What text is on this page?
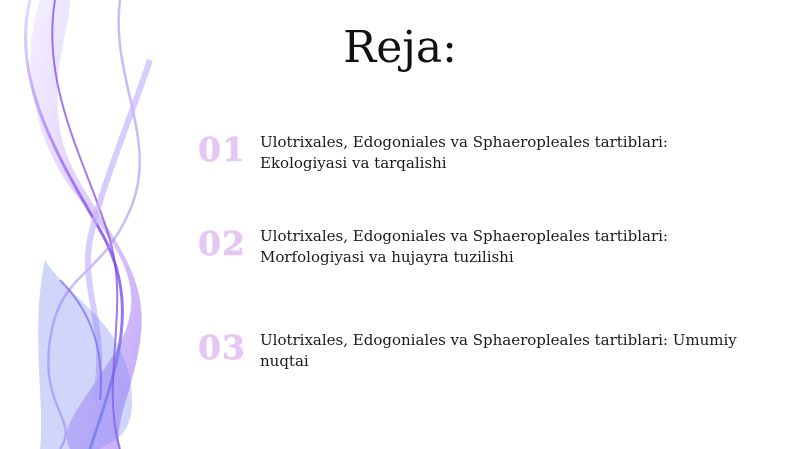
Reja:
01 Ulotrixales, Edogoniales va Sphaeropleales tartiblari: Ekologiyasi va tarqalishi
02 Ulotrixales, Edogoniales va Sphaeropleales tartiblari: Morfologiyasi va hujayra tuzilishi
03 Ulotrixales, Edogoniales va Sphaeropleales tartiblari: Umumiy nuqtai
